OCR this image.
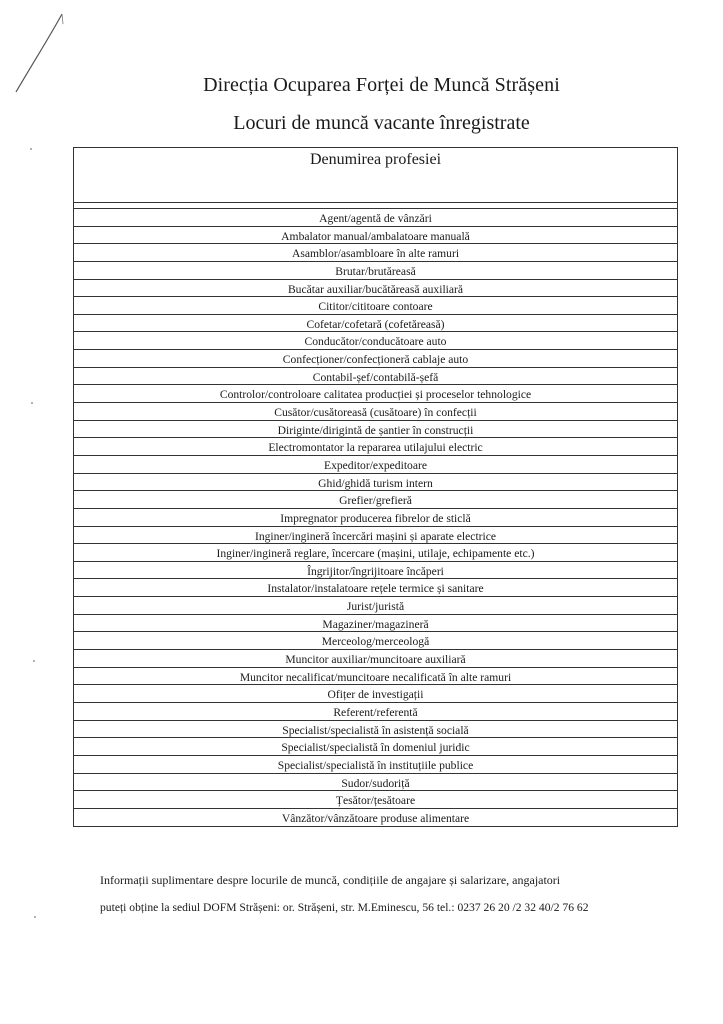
Direcția Ocuparea Forței de Muncă Strășeni
Locuri de muncă vacante înregistrate
Denumirea profesiei
Agent/agentă de vânzări
Ambalator manual/ambalatoare manuală
Asamblor/asambloare în alte ramuri
Brutar/brutăreasă
Bucătar auxiliar/bucătăreasă auxiliară
Cititor/cititoare contoare
Cofetar/cofetară (cofetăreasă)
Conducător/conducătoare auto
Confecționer/confecționeră cablaje auto
Contabil-șef/contabilă-șefă
Controlor/controloare calitatea producției și proceselor tehnologice
Cusător/cusătoreasă (cusătoare) în confecții
Diriginte/dirigintă de șantier în construcții
Electromontator la repararea utilajului electric
Expeditor/expeditoare
Ghid/ghidă turism intern
Grefier/grefieră
Impregnator producerea fibrelor de sticlă
Inginer/ingineră încercări mașini și aparate electrice
Inginer/ingineră reglare, încercare (mașini, utilaje, echipamente etc.)
Îngrijitor/îngrijitoare încăperi
Instalator/instalatoare rețele termice și sanitare
Jurist/juristă
Magaziner/magazineră
Merceolog/merceologă
Muncitor auxiliar/muncitoare auxiliară
Muncitor necalificat/muncitoare necalificată în alte ramuri
Ofițer de investigații
Referent/referentă
Specialist/specialistă în asistență socială
Specialist/specialistă în domeniul juridic
Specialist/specialistă în instituțiile publice
Sudor/sudoriță
Țesător/țesătoare
Vânzător/vânzătoare produse alimentare
Informații suplimentare despre locurile de muncă, condițiile de angajare și salarizare, angajatori
puteți obține la sediul DOFM Strășeni: or. Strășeni, str. M.Eminescu, 56 tel.: 0237 26 20 /2 32 40/2 76 62
